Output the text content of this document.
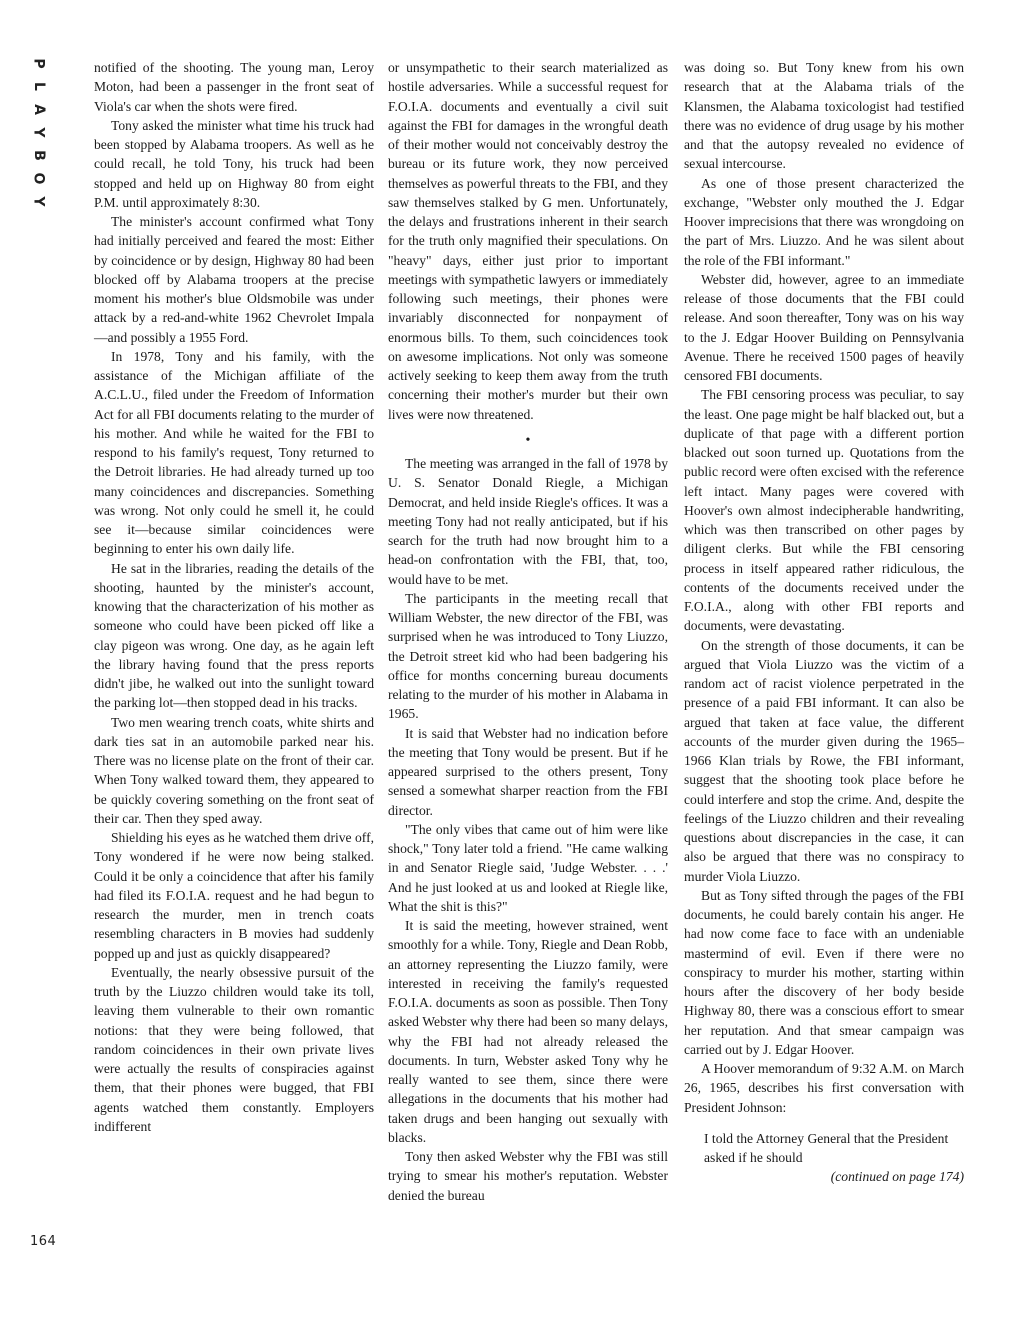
P
L
A
Y
B
O
Y

notified of the shooting. The young man, Leroy Moton, had been a passenger in the front seat of Viola's car when the shots were fired.

Tony asked the minister what time his truck had been stopped by Alabama troopers. As well as he could recall, he told Tony, his truck had been stopped and held up on Highway 80 from eight P.M. until approximately 8:30.

The minister's account confirmed what Tony had initially perceived and feared the most: Either by coincidence or by design, Highway 80 had been blocked off by Alabama troopers at the precise moment his mother's blue Oldsmobile was under attack by a red-and-white 1962 Chevrolet Impala—and possibly a 1955 Ford.

In 1978, Tony and his family, with the assistance of the Michigan affiliate of the A.C.L.U., filed under the Freedom of Information Act for all FBI documents relating to the murder of his mother. And while he waited for the FBI to respond to his family's request, Tony returned to the Detroit libraries. He had already turned up too many coincidences and discrepancies. Something was wrong. Not only could he smell it, he could see it—because similar coincidences were beginning to enter his own daily life.

He sat in the libraries, reading the details of the shooting, haunted by the minister's account, knowing that the characterization of his mother as someone who could have been picked off like a clay pigeon was wrong. One day, as he again left the library having found that the press reports didn't jibe, he walked out into the sunlight toward the parking lot—then stopped dead in his tracks.

Two men wearing trench coats, white shirts and dark ties sat in an automobile parked near his. There was no license plate on the front of their car. When Tony walked toward them, they appeared to be quickly covering something on the front seat of their car. Then they sped away.

Shielding his eyes as he watched them drive off, Tony wondered if he were now being stalked. Could it be only a coincidence that after his family had filed its F.O.I.A. request and he had begun to research the murder, men in trench coats resembling characters in B movies had suddenly popped up and just as quickly disappeared?

Eventually, the nearly obsessive pursuit of the truth by the Liuzzo children would take its toll, leaving them vulnerable to their own romantic notions: that they were being followed, that random coincidences in their own private lives were actually the results of conspiracies against them, that their phones were bugged, that FBI agents watched them constantly. Employers indifferent

or unsympathetic to their search materialized as hostile adversaries. While a successful request for F.O.I.A. documents and eventually a civil suit against the FBI for damages in the wrongful death of their mother would not conceivably destroy the bureau or its future work, they now perceived themselves as powerful threats to the FBI, and they saw themselves stalked by G men. Unfortunately, the delays and frustrations inherent in their search for the truth only magnified their speculations. On "heavy" days, either just prior to important meetings with sympathetic lawyers or immediately following such meetings, their phones were invariably disconnected for nonpayment of enormous bills. To them, such coincidences took on awesome implications. Not only was someone actively seeking to keep them away from the truth concerning their mother's murder but their own lives were now threatened.

•

The meeting was arranged in the fall of 1978 by U. S. Senator Donald Riegle, a Michigan Democrat, and held inside Riegle's offices. It was a meeting Tony had not really anticipated, but if his search for the truth had now brought him to a head-on confrontation with the FBI, that, too, would have to be met.

The participants in the meeting recall that William Webster, the new director of the FBI, was surprised when he was introduced to Tony Liuzzo, the Detroit street kid who had been badgering his office for months concerning bureau documents relating to the murder of his mother in Alabama in 1965.

It is said that Webster had no indication before the meeting that Tony would be present. But if he appeared surprised to the others present, Tony sensed a somewhat sharper reaction from the FBI director.

"The only vibes that came out of him were like shock," Tony later told a friend. "He came walking in and Senator Riegle said, 'Judge Webster. . . .' And he just looked at us and looked at Riegle like, What the shit is this?"

It is said the meeting, however strained, went smoothly for a while. Tony, Riegle and Dean Robb, an attorney representing the Liuzzo family, were interested in receiving the family's requested F.O.I.A. documents as soon as possible. Then Tony asked Webster why there had been so many delays, why the FBI had not already released the documents. In turn, Webster asked Tony why he really wanted to see them, since there were allegations in the documents that his mother had taken drugs and been hanging out sexually with blacks.

Tony then asked Webster why the FBI was still trying to smear his mother's reputation. Webster denied the bureau

was doing so. But Tony knew from his own research that at the Alabama trials of the Klansmen, the Alabama toxicologist had testified there was no evidence of drug usage by his mother and that the autopsy revealed no evidence of sexual intercourse.

As one of those present characterized the exchange, "Webster only mouthed the J. Edgar Hoover imprecisions that there was wrongdoing on the part of Mrs. Liuzzo. And he was silent about the role of the FBI informant."

Webster did, however, agree to an immediate release of those documents that the FBI could release. And soon thereafter, Tony was on his way to the J. Edgar Hoover Building on Pennsylvania Avenue. There he received 1500 pages of heavily censored FBI documents.

The FBI censoring process was peculiar, to say the least. One page might be half blacked out, but a duplicate of that page with a different portion blacked out soon turned up. Quotations from the public record were often excised with the reference left intact. Many pages were covered with Hoover's own almost indecipherable handwriting, which was then transcribed on other pages by diligent clerks. But while the FBI censoring process in itself appeared rather ridiculous, the contents of the documents received under the F.O.I.A., along with other FBI reports and documents, were devastating.

On the strength of those documents, it can be argued that Viola Liuzzo was the victim of a random act of racist violence perpetrated in the presence of a paid FBI informant. It can also be argued that taken at face value, the different accounts of the murder given during the 1965–1966 Klan trials by Rowe, the FBI informant, suggest that the shooting took place before he could interfere and stop the crime. And, despite the feelings of the Liuzzo children and their revealing questions about discrepancies in the case, it can also be argued that there was no conspiracy to murder Viola Liuzzo.

But as Tony sifted through the pages of the FBI documents, he could barely contain his anger. He had now come face to face with an undeniable mastermind of evil. Even if there were no conspiracy to murder his mother, starting within hours after the discovery of her body beside Highway 80, there was a conscious effort to smear her reputation. And that smear campaign was carried out by J. Edgar Hoover.

A Hoover memorandum of 9:32 A.M. on March 26, 1965, describes his first conversation with President Johnson:

I told the Attorney General that the President asked if he should

(continued on page 174)

164
